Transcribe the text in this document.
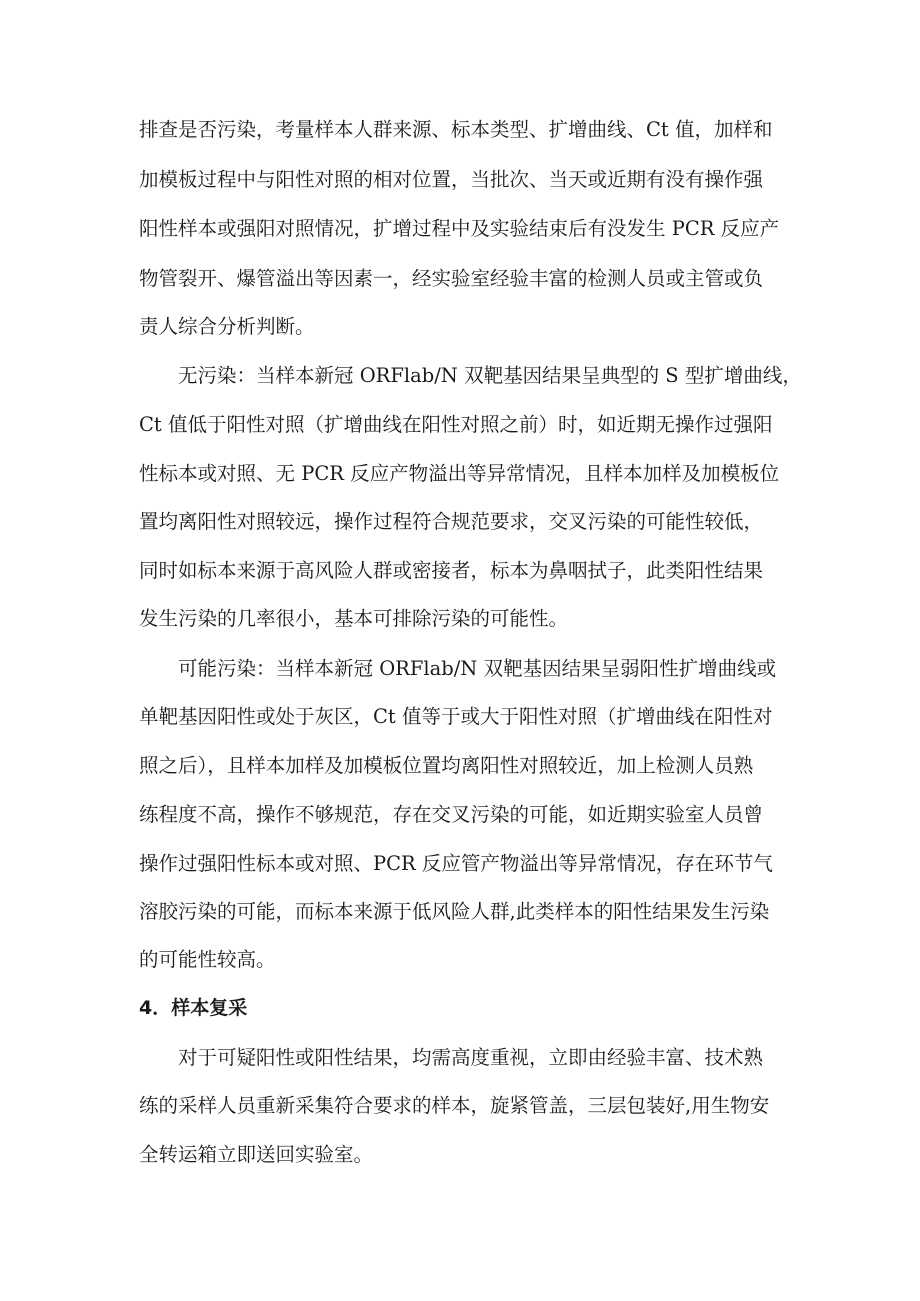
排查是否污染，考量样本人群来源、标本类型、扩增曲线、Ct 值，加样和
加模板过程中与阳性对照的相对位置，当批次、当天或近期有没有操作强
阳性样本或强阳对照情况，扩增过程中及实验结束后有没发生 PCR 反应产
物管裂开、爆管溢出等因素一，经实验室经验丰富的检测人员或主管或负
责人综合分析判断。
无污染：当样本新冠 ORFlab/N 双靶基因结果呈典型的 S 型扩增曲线，
Ct 值低于阳性对照（扩增曲线在阳性对照之前）时，如近期无操作过强阳
性标本或对照、无 PCR 反应产物溢出等异常情况，且样本加样及加模板位
置均离阳性对照较远，操作过程符合规范要求，交叉污染的可能性较低，
同时如标本来源于高风险人群或密接者，标本为鼻咽拭子，此类阳性结果
发生污染的几率很小，基本可排除污染的可能性。
可能污染：当样本新冠 ORFlab/N 双靶基因结果呈弱阳性扩增曲线或
单靶基因阳性或处于灰区，Ct 值等于或大于阳性对照（扩增曲线在阳性对
照之后），且样本加样及加模板位置均离阳性对照较近，加上检测人员熟
练程度不高，操作不够规范，存在交叉污染的可能，如近期实验室人员曾
操作过强阳性标本或对照、PCR 反应管产物溢出等异常情况，存在环节气
溶胶污染的可能，而标本来源于低风险人群,此类样本的阳性结果发生污染
的可能性较高。
4．样本复采
对于可疑阳性或阳性结果，均需高度重视，立即由经验丰富、技术熟
练的采样人员重新采集符合要求的样本，旋紧管盖，三层包装好,用生物安
全转运箱立即送回实验室。
